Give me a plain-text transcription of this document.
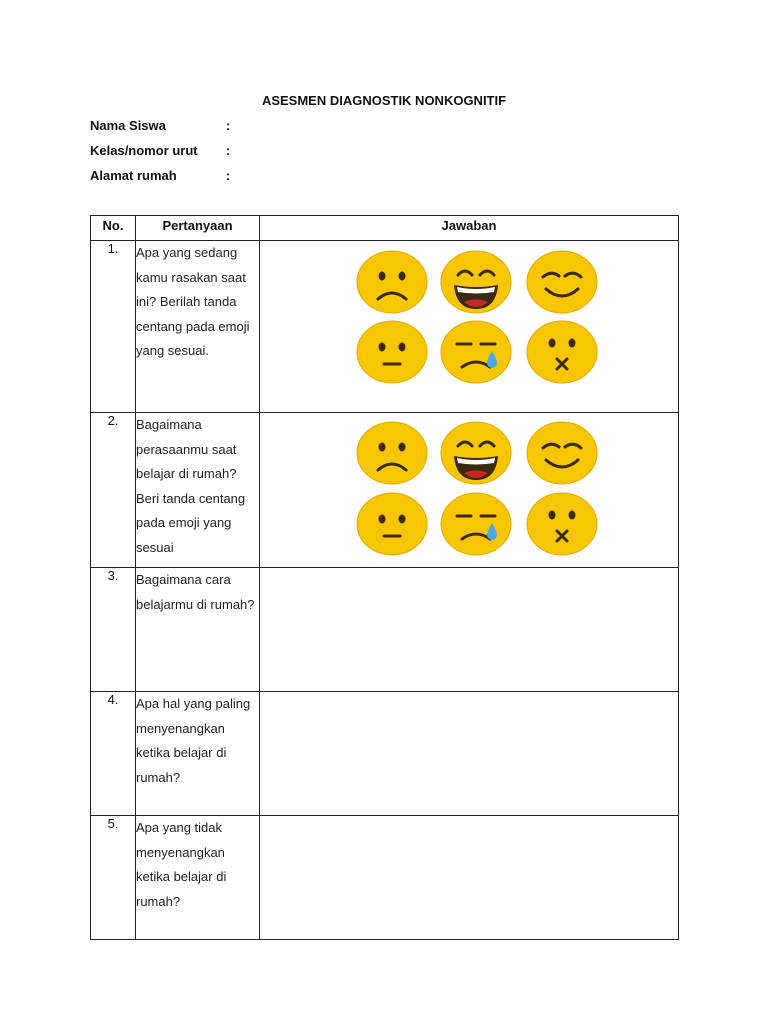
ASESMEN DIAGNOSTIK NONKOGNITIF
Nama Siswa	:
Kelas/nomor urut :
Alamat rumah	:
No.	Pertanyaan	Jawaban
1.	Apa yang sedang kamu rasakan saat ini? Berilah tanda centang pada emoji yang sesuai.	

2.	Bagaimana perasaanmu saat belajar di rumah? Beri tanda centang pada emoji yang sesuai	

3.	Bagaimana cara belajarmu di rumah?	
4.	Apa hal yang paling menyenangkan ketika belajar di rumah?	
5.	Apa yang tidak menyenangkan ketika belajar di rumah?	
